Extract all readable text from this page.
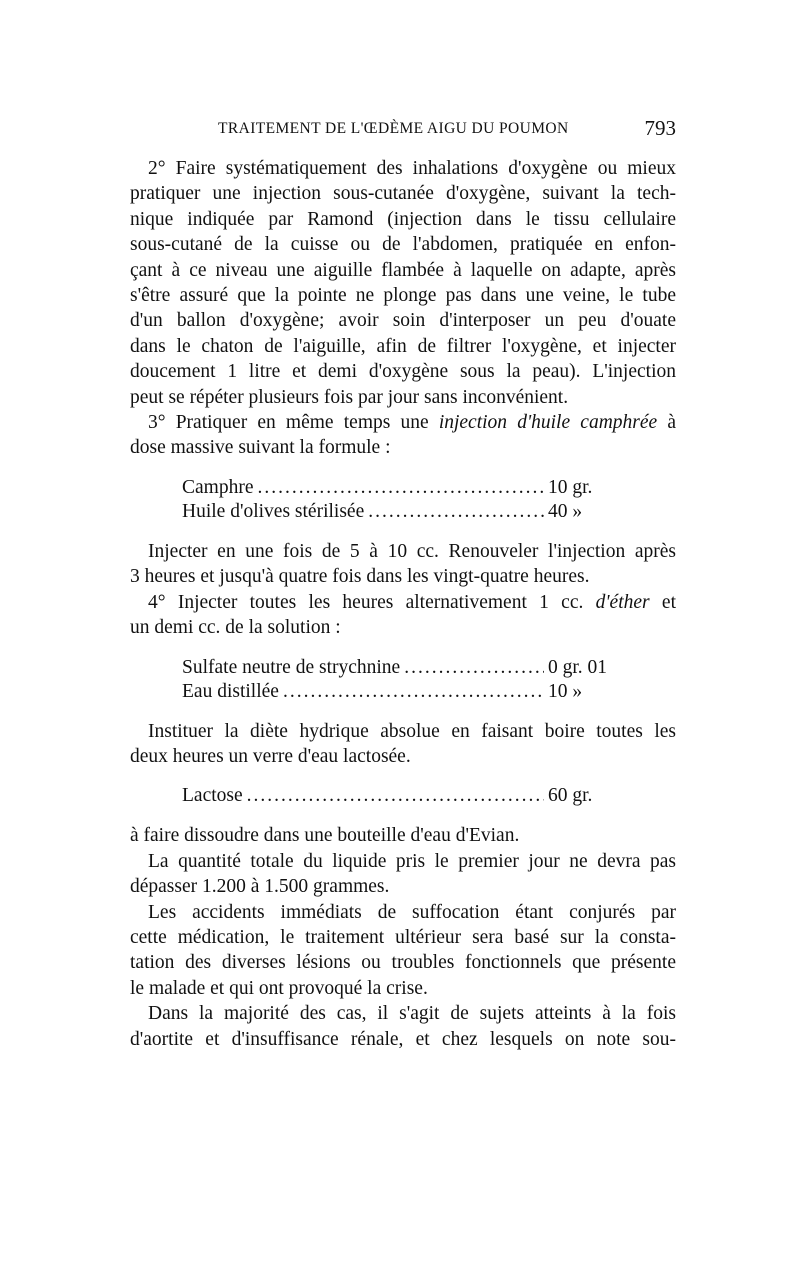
TRAITEMENT DE L'ŒDÈME AIGU DU POUMON	793

2° Faire systématiquement des inhalations d'oxygène ou mieux
pratiquer une injection sous-cutanée d'oxygène, suivant la tech-
nique indiquée par Ramond (injection dans le tissu cellulaire
sous-cutané de la cuisse ou de l'abdomen, pratiquée en enfon-
çant à ce niveau une aiguille flambée à laquelle on adapte, après
s'être assuré que la pointe ne plonge pas dans une veine, le tube
d'un ballon d'oxygène; avoir soin d'interposer un peu d'ouate
dans le chaton de l'aiguille, afin de filtrer l'oxygène, et injecter
doucement 1 litre et demi d'oxygène sous la peau). L'injection
peut se répéter plusieurs fois par jour sans inconvénient.

3° Pratiquer en même temps une injection d'huile camphrée à
dose massive suivant la formule :

Camphre .....	10 gr.
Huile d'olives stérilisée .....	40 »

Injecter en une fois de 5 à 10 cc. Renouveler l'injection après
3 heures et jusqu'à quatre fois dans les vingt-quatre heures.

4° Injecter toutes les heures alternativement 1 cc. d'éther et
un demi cc. de la solution :

Sulfate neutre de strychnine .....	0 gr. 01
Eau distillée .....	10 »

Instituer la diète hydrique absolue en faisant boire toutes les
deux heures un verre d'eau lactosée.

Lactose .....	60 gr.

à faire dissoudre dans une bouteille d'eau d'Evian.

La quantité totale du liquide pris le premier jour ne devra pas
dépasser 1.200 à 1.500 grammes.

Les accidents immédiats de suffocation étant conjurés par
cette médication, le traitement ultérieur sera basé sur la consta-
tation des diverses lésions ou troubles fonctionnels que présente
le malade et qui ont provoqué la crise.

Dans la majorité des cas, il s'agit de sujets atteints à la fois
d'aortite et d'insuffisance rénale, et chez lesquels on note sou-
